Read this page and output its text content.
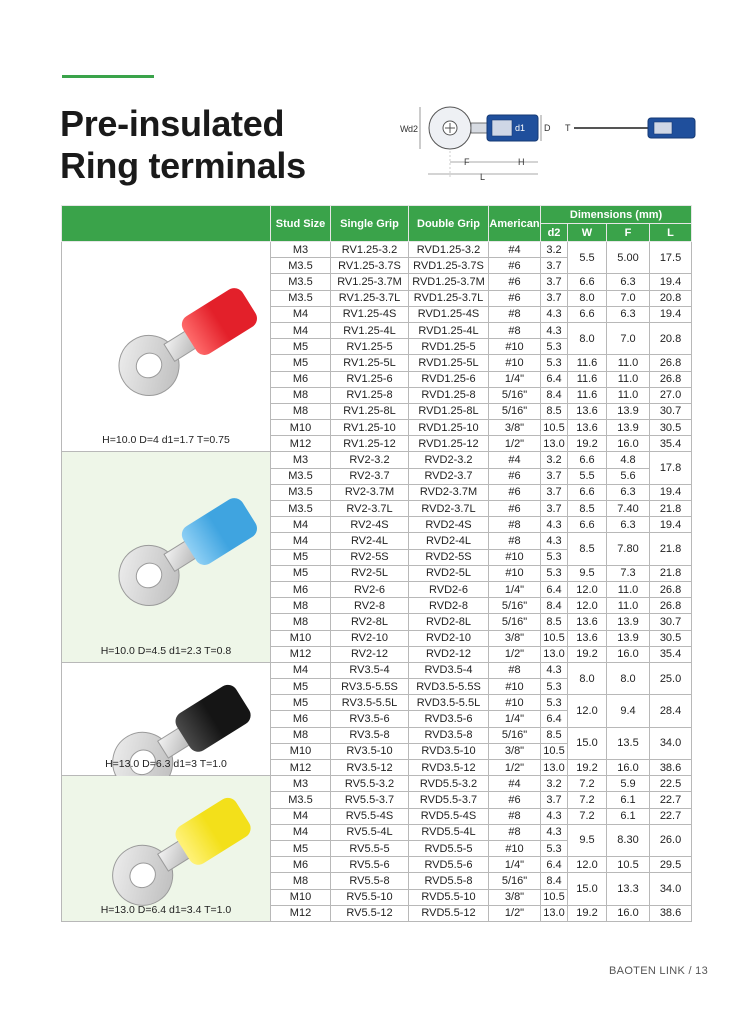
Pre-insulated
Ring terminals
W d2	d1 D
F	H
L
T
	Stud Size	Single Grip	Double Grip	American	Dimensions (mm)			
					d2	W	F	L

H=10.0 D=4 d1=1.7 T=0.75	M3	RV1.25-3.2	RVD1.25-3.2	#4	3.2	5.5	5.00	17.5
	M3.5	RV1.25-3.7S	RVD1.25-3.7S	#6	3.7			
	M3.5	RV1.25-3.7M	RVD1.25-3.7M	#6	3.7	6.6	6.3	19.4
	M3.5	RV1.25-3.7L	RVD1.25-3.7L	#6	3.7	8.0	7.0	20.8
	M4	RV1.25-4S	RVD1.25-4S	#8	4.3	6.6	6.3	19.4
	M4	RV1.25-4L	RVD1.25-4L	#8	4.3	8.0	7.0	20.8
	M5	RV1.25-5	RVD1.25-5	#10	5.3			
	M5	RV1.25-5L	RVD1.25-5L	#10	5.3	11.6	11.0	26.8
	M6	RV1.25-6	RVD1.25-6	1/4"	6.4	11.6	11.0	26.8
	M8	RV1.25-8	RVD1.25-8	5/16"	8.4	11.6	11.0	27.0
	M8	RV1.25-8L	RVD1.25-8L	5/16"	8.5	13.6	13.9	30.7
	M10	RV1.25-10	RVD1.25-10	3/8"	10.5	13.6	13.9	30.5
	M12	RV1.25-12	RVD1.25-12	1/2"	13.0	19.2	16.0	35.4

H=10.0 D=4.5 d1=2.3 T=0.8	M3	RV2-3.2	RVD2-3.2	#4	3.2	6.6	4.8	17.8
	M3.5	RV2-3.7	RVD2-3.7	#6	3.7	5.5	5.6	
	M3.5	RV2-3.7M	RVD2-3.7M	#6	3.7	6.6	6.3	19.4
	M3.5	RV2-3.7L	RVD2-3.7L	#6	3.7	8.5	7.40	21.8
	M4	RV2-4S	RVD2-4S	#8	4.3	6.6	6.3	19.4
	M4	RV2-4L	RVD2-4L	#8	4.3	8.5	7.80	21.8
	M5	RV2-5S	RVD2-5S	#10	5.3			
	M5	RV2-5L	RVD2-5L	#10	5.3	9.5	7.3	21.8
	M6	RV2-6	RVD2-6	1/4"	6.4	12.0	11.0	26.8
	M8	RV2-8	RVD2-8	5/16"	8.4	12.0	11.0	26.8
	M8	RV2-8L	RVD2-8L	5/16"	8.5	13.6	13.9	30.7
	M10	RV2-10	RVD2-10	3/8"	10.5	13.6	13.9	30.5
	M12	RV2-12	RVD2-12	1/2"	13.0	19.2	16.0	35.4

H=13.0 D=6.3 d1=3 T=1.0	M4	RV3.5-4	RVD3.5-4	#8	4.3	8.0	8.0	25.0
	M5	RV3.5-5.5S	RVD3.5-5.5S	#10	5.3			
	M5	RV3.5-5.5L	RVD3.5-5.5L	#10	5.3	12.0	9.4	28.4
	M6	RV3.5-6	RVD3.5-6	1/4"	6.4			
	M8	RV3.5-8	RVD3.5-8	5/16"	8.5	15.0	13.5	34.0
	M10	RV3.5-10	RVD3.5-10	3/8"	10.5			
	M12	RV3.5-12	RVD3.5-12	1/2"	13.0	19.2	16.0	38.6

H=13.0 D=6.4 d1=3.4 T=1.0	M3	RV5.5-3.2	RVD5.5-3.2	#4	3.2	7.2	5.9	22.5
	M3.5	RV5.5-3.7	RVD5.5-3.7	#6	3.7	7.2	6.1	22.7
	M4	RV5.5-4S	RVD5.5-4S	#8	4.3	7.2	6.1	22.7
	M4	RV5.5-4L	RVD5.5-4L	#8	4.3	9.5	8.30	26.0
	M5	RV5.5-5	RVD5.5-5	#10	5.3			
	M6	RV5.5-6	RVD5.5-6	1/4"	6.4	12.0	10.5	29.5
	M8	RV5.5-8	RVD5.5-8	5/16"	8.4	15.0	13.3	34.0
	M10	RV5.5-10	RVD5.5-10	3/8"	10.5			
	M12	RV5.5-12	RVD5.5-12	1/2"	13.0	19.2	16.0	38.6
BAOTEN LINK / 13
